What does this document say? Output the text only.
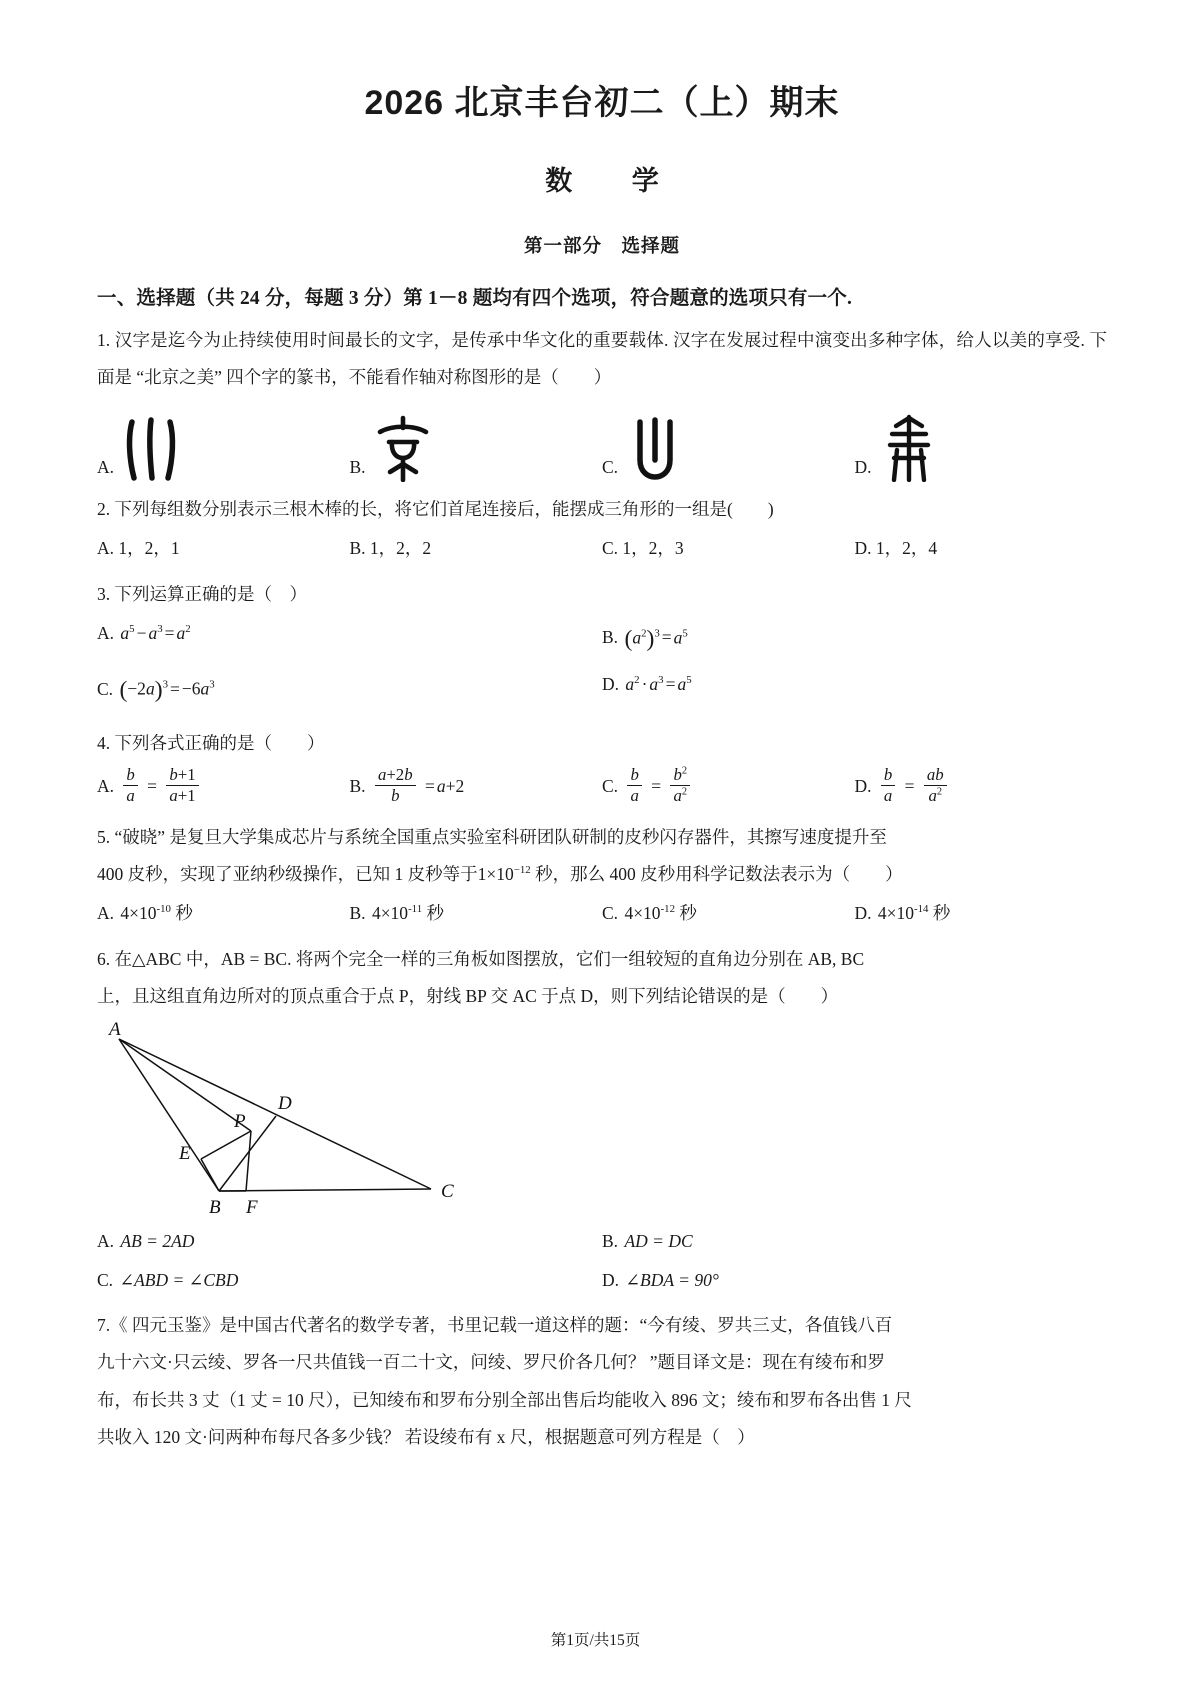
2026 北京丰台初二（上）期末
数 学
第一部分　选择题
一、选择题（共 24 分，每题 3 分）第 1－8 题均有四个选项，符合题意的选项只有一个.
1. 汉字是迄今为止持续使用时间最长的文字，是传承中华文化的重要载体. 汉字在发展过程中演变出多种字体，给人以美的享受. 下面是 “北京之美” 四个字的篆书，不能看作轴对称图形的是（　　）
A.	B.	C.	D.
2. 下列每组数分别表示三根木棒的长，将它们首尾连接后，能摆成三角形的一组是(　　)
A. 1，2，1	B. 1，2，2	C. 1，2，3	D. 1，2，4
3. 下列运算正确的是（　）
A. $a^5 - a^3 = a^2$	B. $(a^2)^3 = a^5$
C. $(-2a)^3 = -6a^3$	D. $a^2 \cdot a^3 = a^5$
4. 下列各式正确的是（　　）
A. $\frac{b}{a} = \frac{b+1}{a+1}$	B. $\frac{a+2b}{b} = a+2$	C. $\frac{b}{a} = \frac{b^2}{a^2}$	D. $\frac{b}{a} = \frac{ab}{a^2}$
5. “破晓” 是复旦大学集成芯片与系统全国重点实验室科研团队研制的皮秒闪存器件，其擦写速度提升至
400 皮秒，实现了亚纳秒级操作，已知 1 皮秒等于$1\times 10^{-12}$ 秒，那么 400 皮秒用科学记数法表示为（　　）
A. $4\times 10^{-10}$ 秒	B. $4\times 10^{-11}$ 秒	C. $4\times 10^{-12}$ 秒	D. $4\times 10^{-14}$ 秒
6. 在△ABC 中，AB = BC. 将两个完全一样的三角板如图摆放，它们一组较短的直角边分别在 AB, BC
上，且这组直角边所对的顶点重合于点 P，射线 BP 交 AC 于点 D，则下列结论错误的是（　　）
A
D
P
E
B F
C
A. AB = 2AD	B. AD = DC
C. ∠ABD = ∠CBD	D. ∠BDA = 90°
7.《 四元玉鉴》是中国古代著名的数学专著，书里记载一道这样的题：“今有绫、罗共三丈，各值钱八百
九十六文·只云绫、罗各一尺共值钱一百二十文，问绫、罗尺价各几何？ ”题目译文是：现在有绫布和罗
布，布长共 3 丈（1 丈 = 10 尺），已知绫布和罗布分别全部出售后均能收入 896 文；绫布和罗布各出售 1 尺
共收入 120 文·问两种布每尺各多少钱？ 若设绫布有 x 尺，根据题意可列方程是（　）
第1页/共15页
